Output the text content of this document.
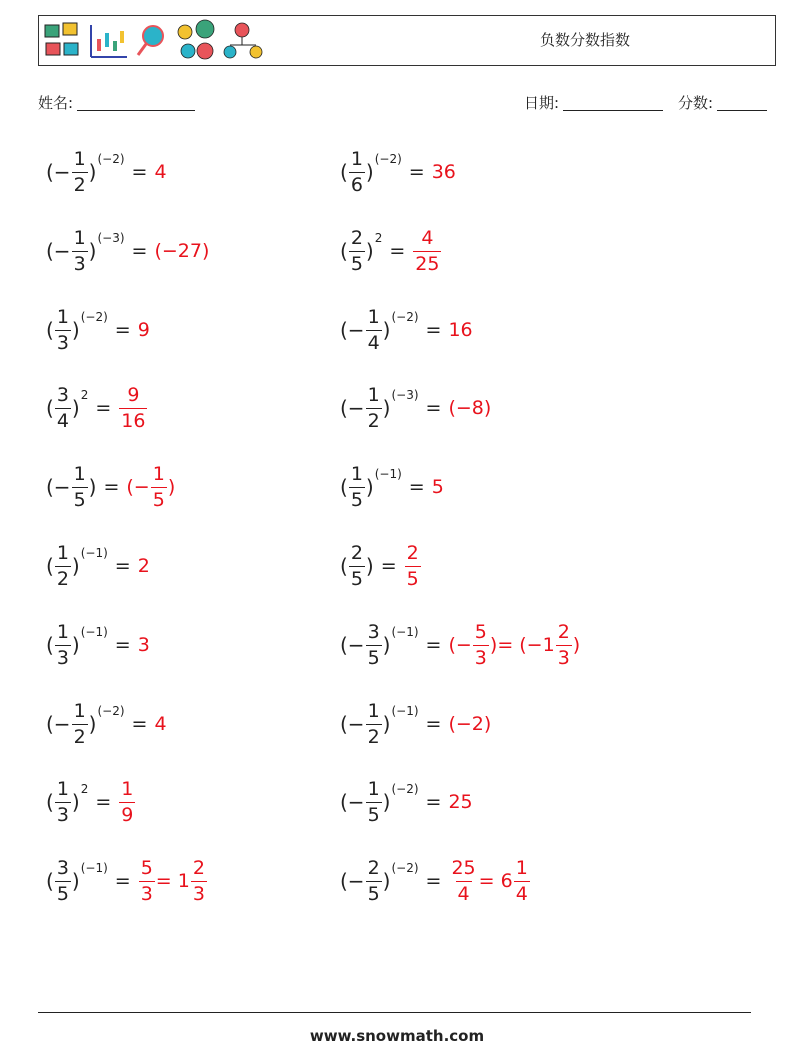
负数分数指数
姓名:	日期:	分数:
(− $\frac{1}{2}$ )
(−2)
= 4	( $\frac{1}{6}$ )
(−2)
= 36
(− $\frac{1}{3}$ )
(−3)
= (−27)	( $\frac{2}{5}$ )
2
= $\frac{4}{25}$
( $\frac{1}{3}$ )
(−2)
= 9	(− $\frac{1}{4}$ )
(−2)
= 16
( $\frac{3}{4}$ )
2
= $\frac{9}{16}$	(− $\frac{1}{2}$ )
(−3)
= (−8)
(− $\frac{1}{5}$ ) = (− $\frac{1}{5}$ )	( $\frac{1}{5}$ )
(−1)
= 5
( $\frac{1}{2}$ )
(−1)
= 2	( $\frac{2}{5}$ ) = $\frac{2}{5}$
( $\frac{1}{3}$ )
(−1)
= 3	(− $\frac{3}{5}$ )
(−1)
= (− $\frac{5}{3}$ ) = ($-1 \frac{2}{3}$ )
(− $\frac{1}{2}$ )
(−2)
= 4	(− $\frac{1}{2}$ )
(−1)
= (−2)
( $\frac{1}{3}$ )
2
= $\frac{1}{9}$	(− $\frac{1}{5}$ )
(−2)
= 25
( $\frac{3}{5}$ )
(−1)
= $\frac{5}{3} = 1 \frac{2}{3}$	(− $\frac{2}{5}$ )
(−2)
= $\frac{25}{4} = 6 \frac{1}{4}$
www.snowmath.com
